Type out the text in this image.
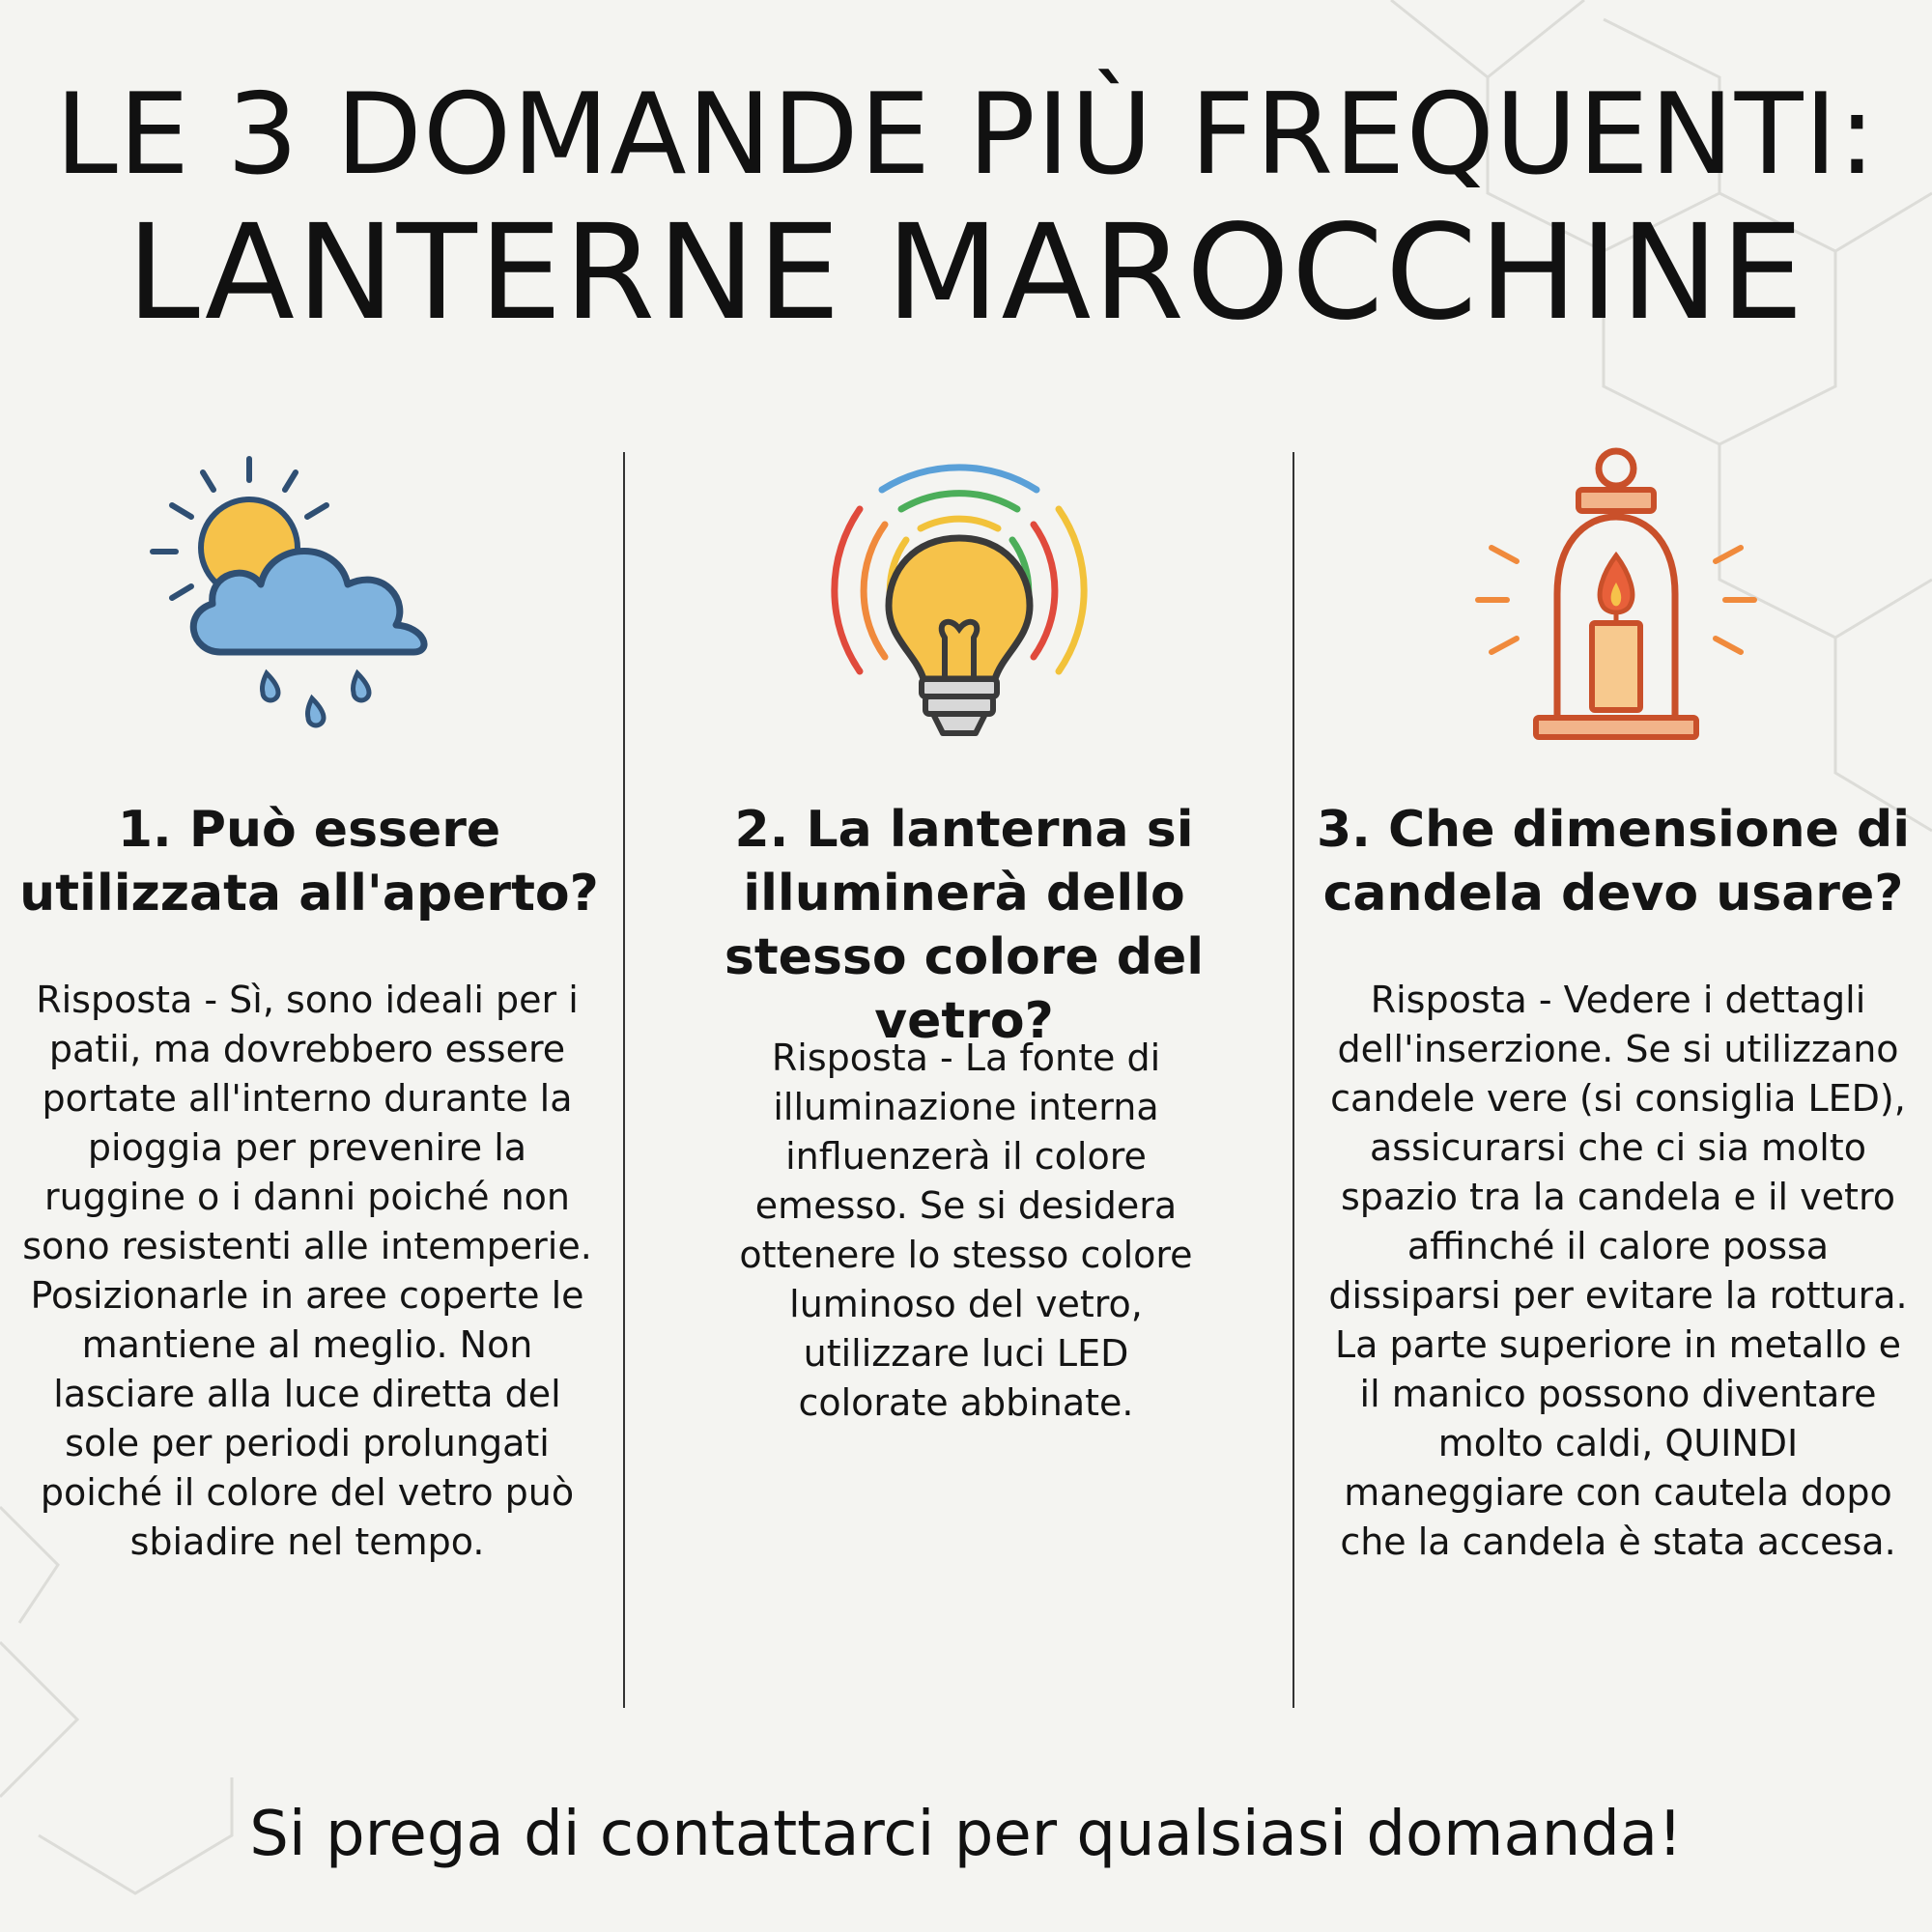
LE 3 DOMANDE PIÙ FREQUENTI:
LANTERNE MAROCCHINE
1. Può essere utilizzata all'aperto?
Risposta - Sì, sono ideali per i patii, ma dovrebbero essere portate all'interno durante la pioggia per prevenire la ruggine o i danni poiché non sono resistenti alle intemperie. Posizionarle in aree coperte le mantiene al meglio. Non lasciare alla luce diretta del sole per periodi prolungati poiché il colore del vetro può sbiadire nel tempo.
2. La lanterna si illuminerà dello stesso colore del vetro?
Risposta - La fonte di illuminazione interna influenzerà il colore emesso. Se si desidera ottenere lo stesso colore luminoso del vetro, utilizzare luci LED colorate abbinate.
3. Che dimensione di candela devo usare?
Risposta - Vedere i dettagli dell'inserzione. Se si utilizzano candele vere (si consiglia LED), assicurarsi che ci sia molto spazio tra la candela e il vetro affinché il calore possa dissiparsi per evitare la rottura. La parte superiore in metallo e il manico possono diventare molto caldi, QUINDI maneggiare con cautela dopo che la candela è stata accesa.
Si prega di contattarci per qualsiasi domanda!
